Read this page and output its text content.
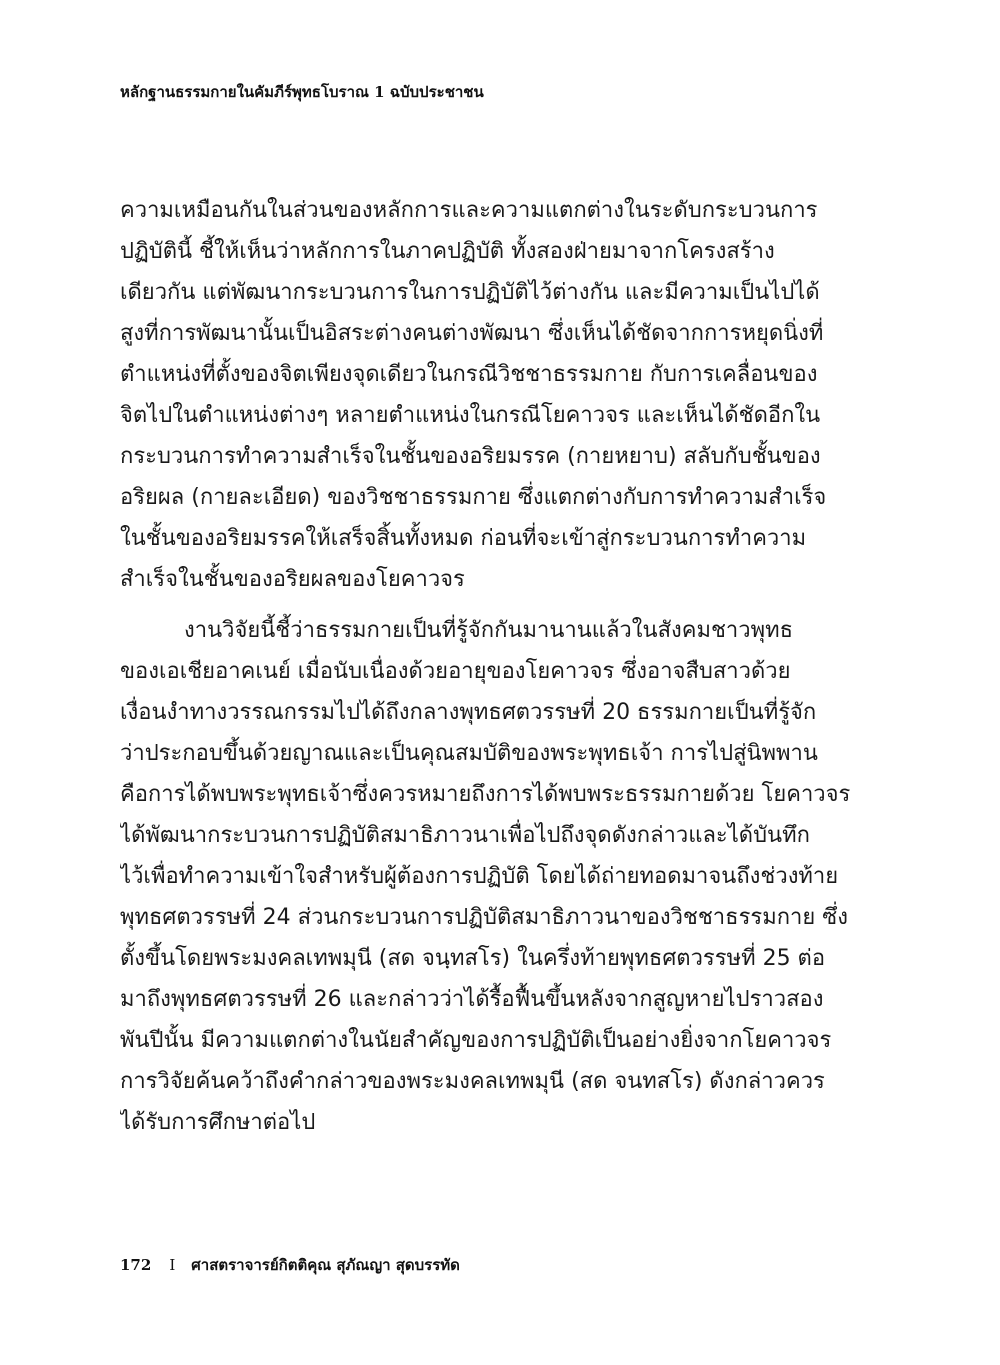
หลักฐานธรรมกายในคัมภีร์พุทธโบราณ 1 ฉบับประชาชน
ความเหมือนกันในส่วนของหลักการและความแตกต่างในระดับกระบวนการ
ปฏิบัตินี้ ชี้ให้เห็นว่าหลักการในภาคปฏิบัติ ทั้งสองฝ่ายมาจากโครงสร้าง
เดียวกัน แต่พัฒนากระบวนการในการปฏิบัติไว้ต่างกัน และมีความเป็นไปได้
สูงที่การพัฒนานั้นเป็นอิสระต่างคนต่างพัฒนา ซึ่งเห็นได้ชัดจากการหยุดนิ่งที่
ตำแหน่งที่ตั้งของจิตเพียงจุดเดียวในกรณีวิชชาธรรมกาย กับการเคลื่อนของ
จิตไปในตำแหน่งต่างๆ หลายตำแหน่งในกรณีโยคาวจร และเห็นได้ชัดอีกใน
กระบวนการทำความสำเร็จในชั้นของอริยมรรค (กายหยาบ) สลับกับชั้นของ
อริยผล (กายละเอียด) ของวิชชาธรรมกาย ซึ่งแตกต่างกับการทำความสำเร็จ
ในชั้นของอริยมรรคให้เสร็จสิ้นทั้งหมด ก่อนที่จะเข้าสู่กระบวนการทำความ
สำเร็จในชั้นของอริยผลของโยคาวจร
งานวิจัยนี้ชี้ว่าธรรมกายเป็นที่รู้จักกันมานานแล้วในสังคมชาวพุทธ
ของเอเชียอาคเนย์ เมื่อนับเนื่องด้วยอายุของโยคาวจร ซึ่งอาจสืบสาวด้วย
เงื่อนงำทางวรรณกรรมไปได้ถึงกลางพุทธศตวรรษที่ 20 ธรรมกายเป็นที่รู้จัก
ว่าประกอบขึ้นด้วยญาณและเป็นคุณสมบัติของพระพุทธเจ้า การไปสู่นิพพาน
คือการได้พบพระพุทธเจ้าซึ่งควรหมายถึงการได้พบพระธรรมกายด้วย โยคาวจร
ได้พัฒนากระบวนการปฏิบัติสมาธิภาวนาเพื่อไปถึงจุดดังกล่าวและได้บันทึก
ไว้เพื่อทำความเข้าใจสำหรับผู้ต้องการปฏิบัติ โดยได้ถ่ายทอดมาจนถึงช่วงท้าย
พุทธศตวรรษที่ 24 ส่วนกระบวนการปฏิบัติสมาธิภาวนาของวิชชาธรรมกาย ซึ่ง
ตั้งขึ้นโดยพระมงคลเทพมุนี (สด จนฺทสโร) ในครึ่งท้ายพุทธศตวรรษที่ 25 ต่อ
มาถึงพุทธศตวรรษที่ 26 และกล่าวว่าได้รื้อฟื้นขึ้นหลังจากสูญหายไปราวสอง
พันปีนั้น มีความแตกต่างในนัยสำคัญของการปฏิบัติเป็นอย่างยิ่งจากโยคาวจร
การวิจัยค้นคว้าถึงคำกล่าวของพระมงคลเทพมุนี (สด จนทสโร) ดังกล่าวควร
ได้รับการศึกษาต่อไป
172 I ศาสตราจารย์กิตติคุณ สุภัณญา สุดบรรทัด
